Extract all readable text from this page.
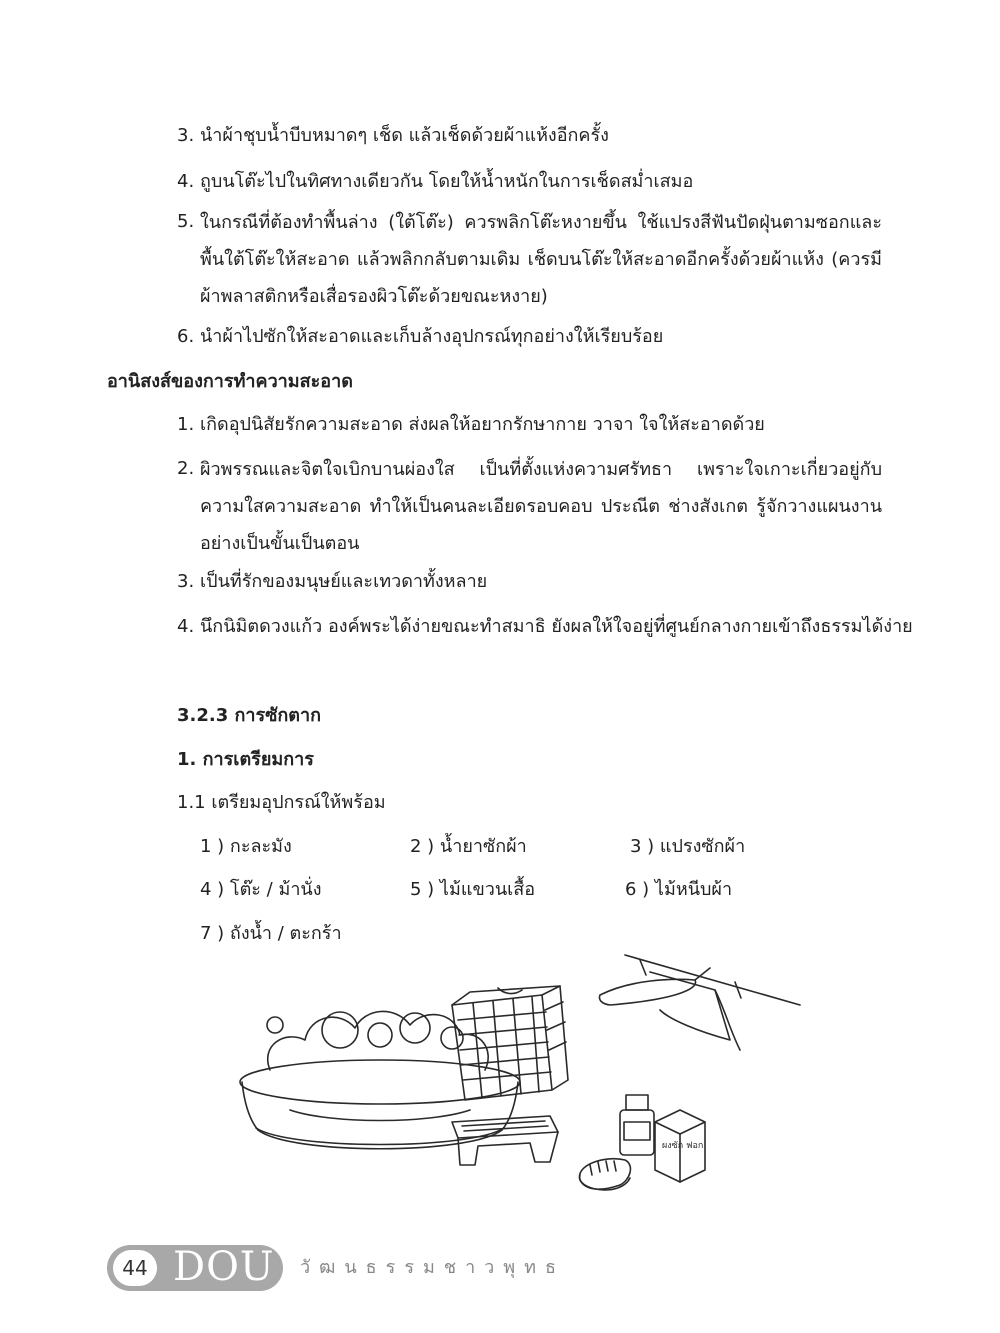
3. นำผ้าชุบน้ำบีบหมาดๆ เช็ด แล้วเช็ดด้วยผ้าแห้งอีกครั้ง
4. ถูบนโต๊ะไปในทิศทางเดียวกัน โดยให้น้ำหนักในการเช็ดสม่ำเสมอ
5. ในกรณีที่ต้องทำพื้นล่าง (ใต้โต๊ะ) ควรพลิกโต๊ะหงายขึ้น ใช้แปรงสีฟันปัดฝุ่นตามซอกและพื้นใต้โต๊ะให้สะอาด แล้วพลิกกลับตามเดิม เช็ดบนโต๊ะให้สะอาดอีกครั้งด้วยผ้าแห้ง (ควรมีผ้าพลาสติกหรือเสื่อรองผิวโต๊ะด้วยขณะหงาย)
6. นำผ้าไปซักให้สะอาดและเก็บล้างอุปกรณ์ทุกอย่างให้เรียบร้อย
อานิสงส์ของการทำความสะอาด
1. เกิดอุปนิสัยรักความสะอาด ส่งผลให้อยากรักษากาย วาจา ใจให้สะอาดด้วย
2. ผิวพรรณและจิตใจเบิกบานผ่องใส เป็นที่ตั้งแห่งความศรัทธา เพราะใจเกาะเกี่ยวอยู่กับความใสความสะอาด ทำให้เป็นคนละเอียดรอบคอบ ประณีต ช่างสังเกต รู้จักวางแผนงานอย่างเป็นขั้นเป็นตอน
3. เป็นที่รักของมนุษย์และเทวดาทั้งหลาย
4. นึกนิมิตดวงแก้ว องค์พระได้ง่ายขณะทำสมาธิ ยังผลให้ใจอยู่ที่ศูนย์กลางกายเข้าถึงธรรมได้ง่าย
3.2.3 การซักตาก
1. การเตรียมการ
1.1 เตรียมอุปกรณ์ให้พร้อม
1 ) กะละมัง	2 ) น้ำยาซักผ้า	3 ) แปรงซักผ้า
4 ) โต๊ะ / ม้านั่ง	5 ) ไม้แขวนเสื้อ	6 ) ไม้หนีบผ้า
7 ) ถังน้ำ / ตะกร้า
ผงซัก ฟอก
44 DOU วัฒนธรรมชาวพุทธ
